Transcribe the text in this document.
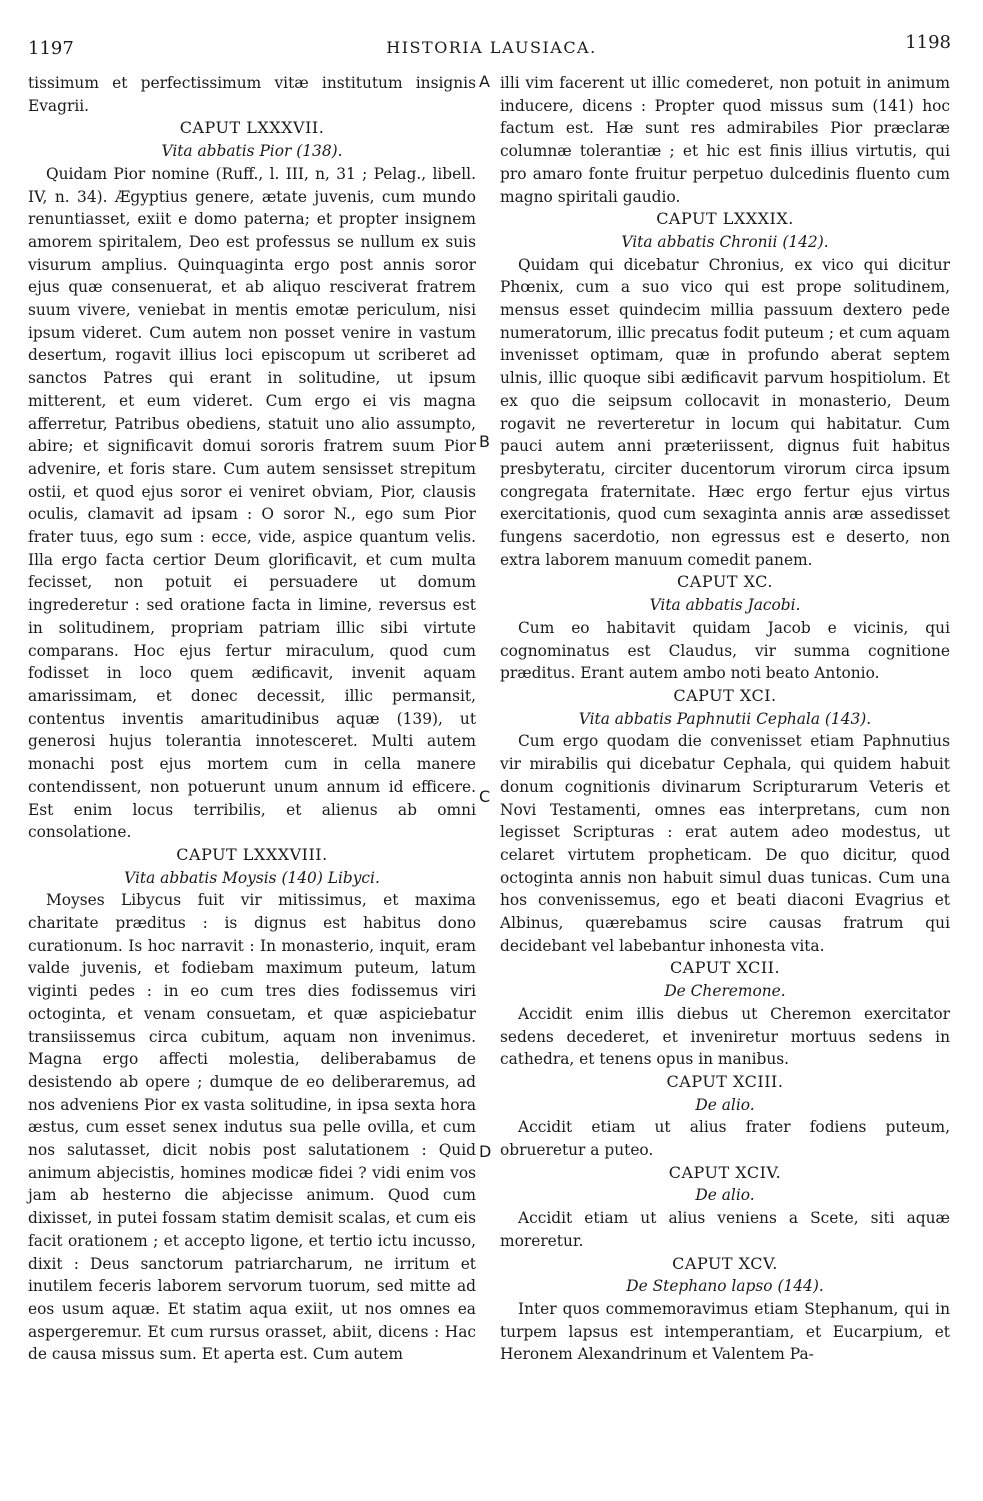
1197	HISTORIA LAUSIACA.	1198

tissimum et perfectissimum vitæ institutum insignis Evagrii.

CAPUT LXXXVII.
Vita abbatis Pior (138).

Quidam Pior nomine (Ruff., l. III, n, 31 ; Pelag., libell. IV, n. 34). Ægyptius genere, ætate juvenis, cum mundo renuntiasset, exiit e domo paterna; et propter insignem amorem spiritalem, Deo est professus se nullum ex suis visurum amplius. Quinquaginta ergo post annis soror ejus quæ consenuerat, et ab aliquo resciverat fratrem suum vivere, veniebat in mentis emotæ periculum, nisi ipsum videret. Cum autem non posset venire in vastum desertum, rogavit illius loci episcopum ut scriberet ad sanctos Patres qui erant in solitudine, ut ipsum mitterent, et eum videret. Cum ergo ei vis magna afferretur, Patribus obediens, statuit uno alio assumpto, abire; et significavit domui sororis fratrem suum Pior advenire, et foris stare. Cum autem sensisset strepitum ostii, et quod ejus soror ei veniret obviam, Pior, clausis oculis, clamavit ad ipsam : O soror N., ego sum Pior frater tuus, ego sum : ecce, vide, aspice quantum velis. Illa ergo facta certior Deum glorificavit, et cum multa fecisset, non potuit ei persuadere ut domum ingrederetur : sed oratione facta in limine, reversus est in solitudinem, propriam patriam illic sibi virtute comparans. Hoc ejus fertur miraculum, quod cum fodisset in loco quem ædificavit, invenit aquam amarissimam, et donec decessit, illic permansit, contentus inventis amaritudinibus aquæ (139), ut generosi hujus tolerantia innotesceret. Multi autem monachi post ejus mortem cum in cella manere contendissent, non potuerunt unum annum id efficere. Est enim locus terribilis, et alienus ab omni consolatione.

CAPUT LXXXVIII.
Vita abbatis Moysis (140) Libyci.

Moyses Libycus fuit vir mitissimus, et maxima charitate præditus : is dignus est habitus dono curationum. Is hoc narravit : In monasterio, inquit, eram valde juvenis, et fodiebam maximum puteum, latum viginti pedes : in eo cum tres dies fodissemus viri octoginta, et venam consuetam, et quæ aspiciebatur transiissemus circa cubitum, aquam non invenimus. Magna ergo affecti molestia, deliberabamus de desistendo ab opere ; dumque de eo deliberaremus, ad nos adveniens Pior ex vasta solitudine, in ipsa sexta hora æstus, cum esset senex indutus sua pelle ovilla, et cum nos salutasset, dicit nobis post salutationem : Quid animum abjecistis, homines modicæ fidei ? vidi enim vos jam ab hesterno die abjecisse animum. Quod cum dixisset, in putei fossam statim demisit scalas, et cum eis facit orationem ; et accepto ligone, et tertio ictu incusso, dixit : Deus sanctorum patriarcharum, ne irritum et inutilem feceris laborem servorum tuorum, sed mitte ad eos usum aquæ. Et statim aqua exiit, ut nos omnes ea aspergeremur. Et cum rursus orasset, abiit, dicens : Hac de causa missus sum. Et aperta est. Cum autem

A
B
C
D

illi vim facerent ut illic comederet, non potuit in animum inducere, dicens : Propter quod missus sum (141) hoc factum est. Hæ sunt res admirabiles Pior præclaræ columnæ tolerantiæ ; et hic est finis illius virtutis, qui pro amaro fonte fruitur perpetuo dulcedinis fluento cum magno spiritali gaudio.

CAPUT LXXXIX.
Vita abbatis Chronii (142).

Quidam qui dicebatur Chronius, ex vico qui dicitur Phœnix, cum a suo vico qui est prope solitudinem, mensus esset quindecim millia passuum dextero pede numeratorum, illic precatus fodit puteum ; et cum aquam invenisset optimam, quæ in profundo aberat septem ulnis, illic quoque sibi ædificavit parvum hospitiolum. Et ex quo die seipsum collocavit in monasterio, Deum rogavit ne reverteretur in locum qui habitatur. Cum pauci autem anni præteriissent, dignus fuit habitus presbyteratu, circiter ducentorum virorum circa ipsum congregata fraternitate. Hæc ergo fertur ejus virtus exercitationis, quod cum sexaginta annis aræ assedisset fungens sacerdotio, non egressus est e deserto, non extra laborem manuum comedit panem.

CAPUT XC.
Vita abbatis Jacobi.

Cum eo habitavit quidam Jacob e vicinis, qui cognominatus est Claudus, vir summa cognitione præditus. Erant autem ambo noti beato Antonio.

CAPUT XCI.
Vita abbatis Paphnutii Cephala (143).

Cum ergo quodam die convenisset etiam Paphnutius vir mirabilis qui dicebatur Cephala, qui quidem habuit donum cognitionis divinarum Scripturarum Veteris et Novi Testamenti, omnes eas interpretans, cum non legisset Scripturas : erat autem adeo modestus, ut celaret virtutem propheticam. De quo dicitur, quod octoginta annis non habuit simul duas tunicas. Cum una hos convenissemus, ego et beati diaconi Evagrius et Albinus, quærebamus scire causas fratrum qui decidebant vel labebantur inhonesta vita.

CAPUT XCII.
De Cheremone.

Accidit enim illis diebus ut Cheremon exercitator sedens decederet, et inveniretur mortuus sedens in cathedra, et tenens opus in manibus.

CAPUT XCIII.
De alio.

Accidit etiam ut alius frater fodiens puteum, obrueretur a puteo.

CAPUT XCIV.
De alio.

Accidit etiam ut alius veniens a Scete, siti aquæ moreretur.

CAPUT XCV.
De Stephano lapso (144).

Inter quos commemoravimus etiam Stephanum, qui in turpem lapsus est intemperantiam, et Eucarpium, et Heronem Alexandrinum et Valentem Pa-
